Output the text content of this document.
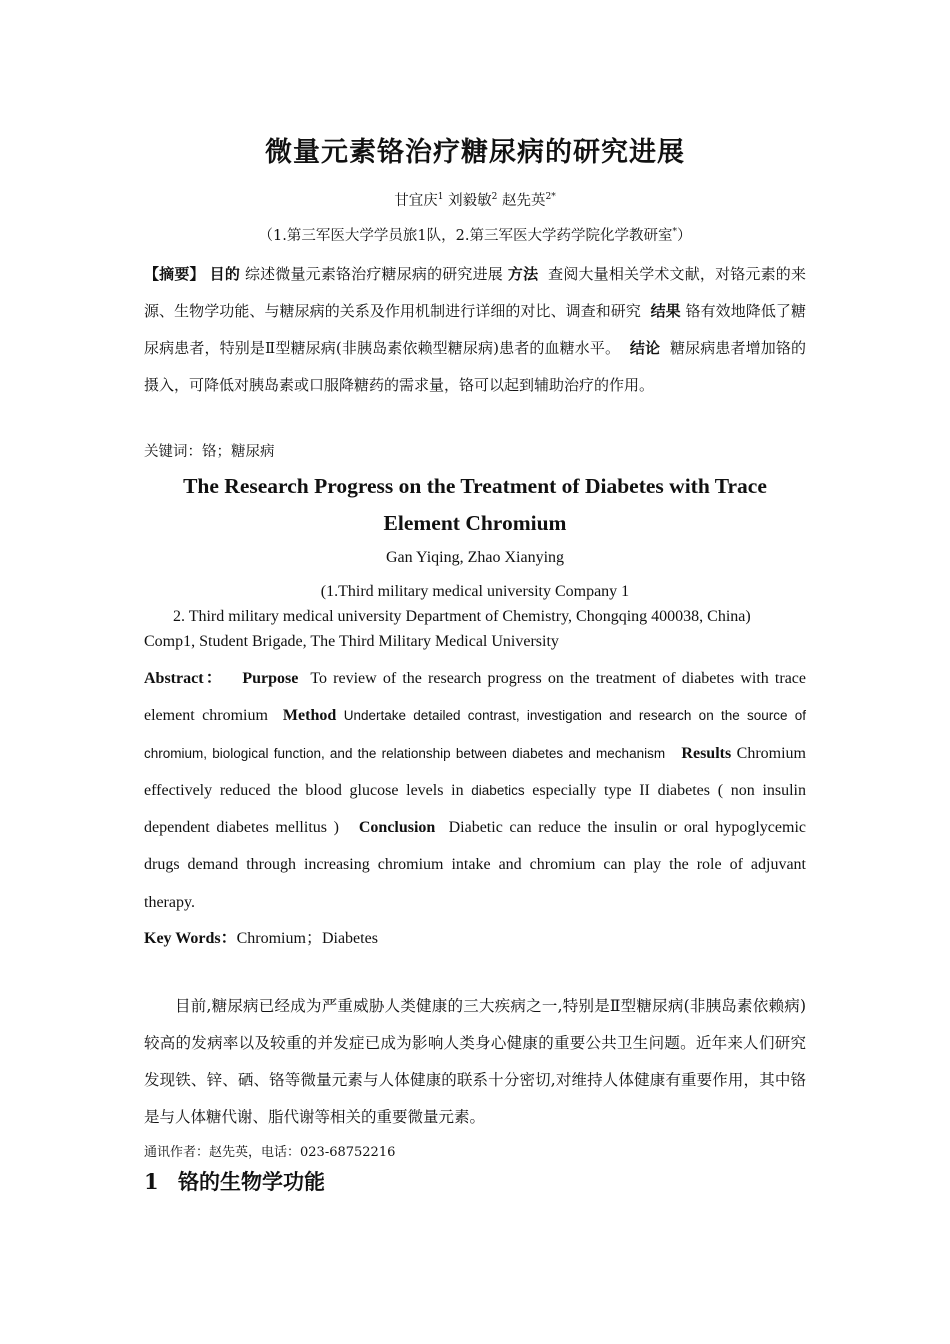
微量元素铬治疗糖尿病的研究进展
甘宜庆$^1$ 刘毅敏$^2$ 赵先英$^{2*}$
（1.第三军医大学学员旅1队，2.第三军医大学药学院化学教研室*）
【摘要】 目的 综述微量元素铬治疗糖尿病的研究进展 方法 查阅大量相关学术文献，对铬元素的来源、生物学功能、与糖尿病的关系及作用机制进行详细的对比、调查和研究 结果 铬有效地降低了糖尿病患者，特别是Ⅱ型糖尿病(非胰岛素依赖型糖尿病)患者的血糖水平。 结论 糖尿病患者增加铬的摄入，可降低对胰岛素或口服降糖药的需求量，铬可以起到辅助治疗的作用。
关键词：铬；糖尿病
The Research Progress on the Treatment of Diabetes with Trace
Element Chromium
Gan Yiqing, Zhao Xianying
(1.Third military medical university Company 1
2. Third military medical university Department of Chemistry, Chongqing 400038, China)
Comp1, Student Brigade, The Third Military Medical University
Abstract： Purpose To review of the research progress on the treatment of diabetes with trace element chromium Method Undertake detailed contrast, investigation and research on the source of chromium, biological function, and the relationship between diabetes and mechanism Results Chromium effectively reduced the blood glucose levels in diabetics especially type II diabetes ( non insulin dependent diabetes mellitus ) Conclusion Diabetic can reduce the insulin or oral hypoglycemic drugs demand through increasing chromium intake and chromium can play the role of adjuvant therapy.
Key Words：Chromium；Diabetes
目前,糖尿病已经成为严重威胁人类健康的三大疾病之一,特别是Ⅱ型糖尿病(非胰岛素依赖病)较高的发病率以及较重的并发症已成为影响人类身心健康的重要公共卫生问题。近年来人们研究发现铁、锌、硒、铬等微量元素与人体健康的联系十分密切,对维持人体健康有重要作用，其中铬是与人体糖代谢、脂代谢等相关的重要微量元素。
通讯作者：赵先英，电话：023-68752216
1 铬的生物学功能
